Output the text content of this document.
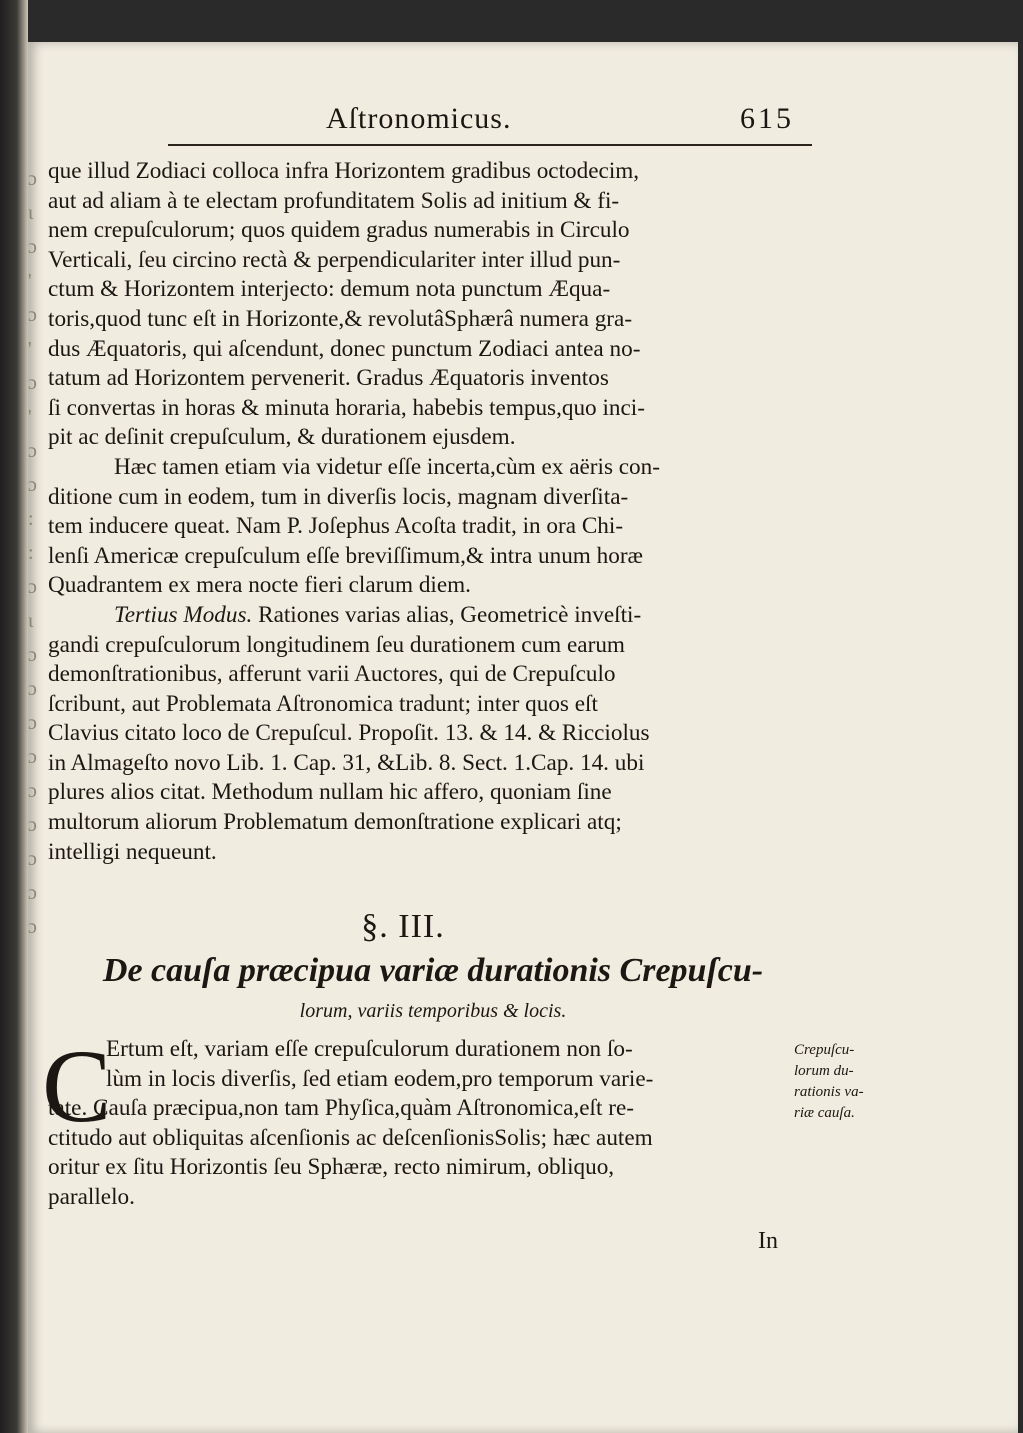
ɔ
ɩ
ɔ
'
ɔ
'
ɔ
'
ɔ
ɔ
:
:
ɔ
ɩ
ɔ
ɔ
ɔ
ɔ
ɔ
ɔ
ɔ
ɔ
ɔ
Aſtronomicus.	615

que illud Zodiaci colloca infra Horizontem gradibus octodecim,
aut ad aliam à te electam profunditatem Solis ad initium & fi-
nem crepuſculorum; quos quidem gradus numerabis in Circulo
Verticali, ſeu circino rectà & perpendiculariter inter illud pun-
ctum & Horizontem interjecto: demum nota punctum Æqua-
toris,quod tunc eſt in Horizonte,& revolutâSphærâ numera gra-
dus Æquatoris, qui aſcendunt, donec punctum Zodiaci antea no-
tatum ad Horizontem pervenerit. Gradus Æquatoris inventos
ſi convertas in horas & minuta horaria, habebis tempus,quo inci-
pit ac deſinit crepuſculum, & durationem ejusdem.

Hæc tamen etiam via videtur eſſe incerta,cùm ex aëris con-
ditione cum in eodem, tum in diverſis locis, magnam diverſita-
tem inducere queat. Nam P. Joſephus Acoſta tradit, in ora Chi-
lenſi Americæ crepuſculum eſſe breviſſimum,& intra unum horæ
Quadrantem ex mera nocte fieri clarum diem.

Tertius Modus. Rationes varias alias, Geometricè inveſti-
gandi crepuſculorum longitudinem ſeu durationem cum earum
demonſtrationibus, afferunt varii Auctores, qui de Crepuſculo
ſcribunt, aut Problemata Aſtronomica tradunt; inter quos eſt
Clavius citato loco de Crepuſcul. Propoſit. 13. & 14. & Ricciolus
in Almageſto novo Lib. 1. Cap. 31, &Lib. 8. Sect. 1.Cap. 14. ubi
plures alios citat. Methodum nullam hic affero, quoniam ſine
multorum aliorum Problematum demonſtratione explicari atq;
intelligi nequeunt.

§. III.
De cauſa præcipua variæ durationis Crepuſcu-
lorum, variis temporibus & locis.
C
Ertum eſt, variam eſſe crepuſculorum durationem non ſo-
lùm in locis diverſis, ſed etiam eodem,pro temporum varie-
tate. Cauſa præcipua,non tam Phyſica,quàm Aſtronomica,eſt re-
ctitudo aut obliquitas aſcenſionis ac deſcenſionisSolis; hæc autem
oritur ex ſitu Horizontis ſeu Sphæræ, recto nimirum, obliquo,
parallelo.
Crepuſcu-
lorum du-
rationis va-
riæ cauſa.
In
